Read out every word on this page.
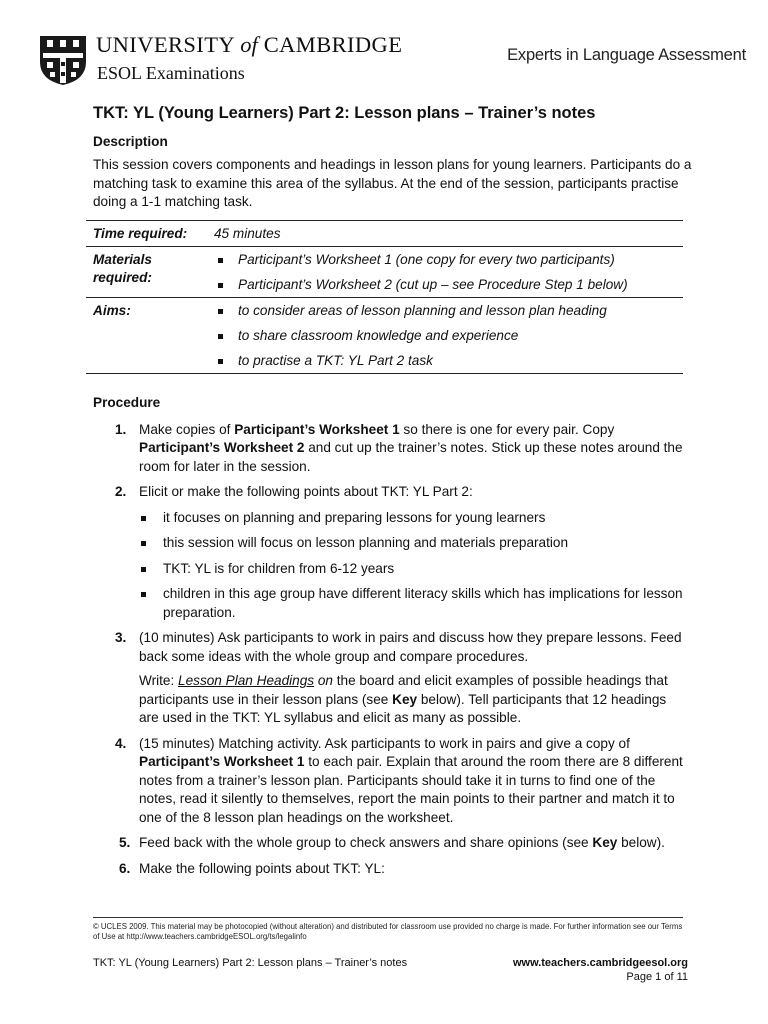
UNIVERSITY of CAMBRIDGE
ESOL Examinations
Experts in Language Assessment
TKT: YL (Young Learners) Part 2: Lesson plans – Trainer’s notes
Description
This session covers components and headings in lesson plans for young learners. Participants do a matching task to examine this area of the syllabus. At the end of the session, participants practise doing a 1-1 matching task.
Time required:	45 minutes
Materials required:
Participant’s Worksheet 1 (one copy for every two participants)
Participant’s Worksheet 2 (cut up – see Procedure Step 1 below)
Aims:	to consider areas of lesson planning and lesson plan heading
to share classroom knowledge and experience
to practise a TKT: YL Part 2 task
Procedure
1. Make copies of Participant’s Worksheet 1 so there is one for every pair. Copy Participant’s Worksheet 2 and cut up the trainer’s notes. Stick up these notes around the room for later in the session.

2. Elicit or make the following points about TKT: YL Part 2:

it focuses on planning and preparing lessons for young learners
this session will focus on lesson planning and materials preparation
TKT: YL is for children from 6-12 years
children in this age group have different literacy skills which has implications for lesson preparation.
3. (10 minutes) Ask participants to work in pairs and discuss how they prepare lessons. Feed back some ideas with the whole group and compare procedures.

Write: Lesson Plan Headings on the board and elicit examples of possible headings that participants use in their lesson plans (see Key below). Tell participants that 12 headings are used in the TKT: YL syllabus and elicit as many as possible.

4. (15 minutes) Matching activity. Ask participants to work in pairs and give a copy of Participant’s Worksheet 1 to each pair. Explain that around the room there are 8 different notes from a trainer’s lesson plan. Participants should take it in turns to find one of the notes, read it silently to themselves, report the main points to their partner and match it to one of the 8 lesson plan headings on the worksheet.

5. Feed back with the whole group to check answers and share opinions (see Key below).

6. Make the following points about TKT: YL:

© UCLES 2009. This material may be photocopied (without alteration) and distributed for classroom use provided no charge is made. For further information see our Terms of Use at http://www.teachers.cambridgeESOL.org/ts/legalinfo
TKT: YL (Young Learners) Part 2: Lesson plans – Trainer’s notes	www.teachers.cambridgeesol.org
Page 1 of 11
